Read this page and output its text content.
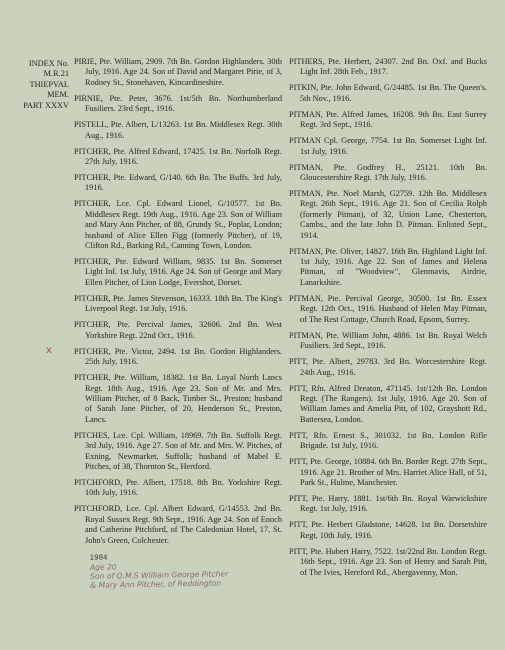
INDEX No. M.R.21
THIEPVAL MEM.
PART XXXV
PIRIE, Pte. William, 2909. 7th Bn. Gordon Highlanders. 30th July, 1916. Age 24. Son of David and Margaret Pirie, of 3, Rodney St., Stonehaven, Kincardineshire.
PIRNIE, Pte. Peter, 3676. 1st/5th Bn. Northumberland Fusiliers. 23rd Sept., 1916.
PISTELL, Pte. Albert, L/13263. 1st Bn. Middlesex Regt. 30th Aug., 1916.
PITCHER, Pte. Alfred Edward, 17425. 1st Bn. Norfolk Regt. 27th July, 1916.
PITCHER, Pte. Edward, G/140. 6th Bn. The Buffs. 3rd July, 1916.
PITCHER, Lce. Cpl. Edward Lionel, G/10577. 1st Bn. Middlesex Regt. 19th Aug., 1916. Age 23. Son of William and Mary Ann Pitcher, of 88, Grundy St., Poplar, London; husband of Alice Ellen Figg (formerly Pitcher), of 19, Clifton Rd., Barking Rd., Canning Town, London.
PITCHER, Pte. Edward William, 9835. 1st Bn. Somerset Light Inf. 1st July, 1916. Age 24. Son of George and Mary Ellen Pitcher, of Lion Lodge, Evershot, Dorset.
PITCHER, Pte. James Stevenson, 16333. 18th Bn. The King's Liverpool Regt. 1st July, 1916.
PITCHER, Pte. Percival James, 32606. 2nd Bn. West Yorkshire Regt. 22nd Oct., 1916.
x	PITCHER, Pte. Victor, 2494. 1st Bn. Gordon Highlanders. 25th July, 1916.
PITCHER, Pte. William, 18382. 1st Bn. Loyal North Lancs Regt. 18th Aug., 1916. Age 23. Son of Mr. and Mrs. William Pitcher, of 8 Back, Timber St., Preston; husband of Sarah Jane Pitcher, of 20, Henderson St., Preston, Lancs.
PITCHES, Lce. Cpl. William, 18969. 7th Bn. Suffolk Regt. 3rd July, 1916. Age 27. Son of Mr. and Mrs. W. Pitches, of Exning, Newmarket, Suffolk; husband of Mabel E. Pitches, of 38, Thornton St., Hertford.
PITCHFORD, Pte. Albert, 17518. 8th Bn. Yorkshire Regt. 10th July, 1916.
PITCHFORD, Lce. Cpl. Albert Edward, G/14553. 2nd Bn. Royal Sussex Regt. 9th Sept., 1916. Age 24. Son of Enoch and Catherine Pitchford, of The Caledonian Hotel, 17, St. John's Green, Colchester.
PITHERS, Pte. Herbert, 24307. 2nd Bn. Oxf. and Bucks Light Inf. 28th Feb., 1917.
PITKIN, Pte. John Edward, G/24485. 1st Bn. The Queen's. 5th Nov., 1916.
PITMAN, Pte. Alfred James, 16208. 9th Bn. East Surrey Regt. 3rd Sept., 1916.
PITMAN Cpl. George, 7754. 1st Bn. Somerset Light Inf. 1st July, 1916.
PITMAN, Pte. Godfrey H., 25121. 10th Bn. Gloucestershire Regt. 17th July, 1916.
PITMAN, Pte. Noel Marsh, G2759. 12th Bn. Middlesex Regt. 26th Sept., 1916. Age 21. Son of Cecilia Rolph (formerly Pitman), of 32, Union Lane, Chesterton, Cambs., and the late John D. Pitman. Enlisted Sept., 1914.
PITMAN, Pte. Oliver, 14827. 16th Bn. Highland Light Inf. 1st July, 1916. Age 22. Son of James and Helena Pitman, of "Woodview", Glenmavis, Airdrie, Lanarkshire.
PITMAN, Pte. Percival George, 30500. 1st Bn. Essex Regt. 12th Oct., 1916. Husband of Helen May Pitman, of The Rest Cottage, Church Road, Epsom, Surrey.
PITMAN, Pte. William John, 4886. 1st Bn. Royal Welch Fusiliers. 3rd Sept., 1916.
PITT, Pte. Albert, 29783. 3rd Bn. Worcestershire Regt. 24th Aug., 1916.
PITT, Rfn. Alfred Dreaton, 471145. 1st/12th Bn. London Regt. (The Rangers). 1st July, 1916. Age 20. Son of William James and Amelia Pitt, of 102, Grayshott Rd., Battersea, London.
PITT, Rfn. Ernest S., 301032. 1st Bn. London Rifle Brigade. 1st July, 1916.
PITT, Pte. George, 10884. 6th Bn. Border Regt. 27th Sept., 1916. Age 21. Brother of Mrs. Harriet Alice Hall, of 51, Park St., Hulme, Manchester.
PITT, Pte. Harry, 1881. 1st/6th Bn. Royal Warwickshire Regt. 1st July, 1916.
PITT, Pte. Herbert Gladstone, 14628. 1st Bn. Dorsetshire Regt, 10th July, 1916.
PITT, Pte. Hubert Harry, 7522. 1st/22nd Bn. London Regt. 16th Sept., 1916. Age 23. Son of Henry and Sarah Pitt, of The Ivies, Hereford Rd., Abergavenny, Mon.
1984
Age 20
Son of Q.M.S William George Pitcher
& Mary Ann Pitcher, of Reddington
